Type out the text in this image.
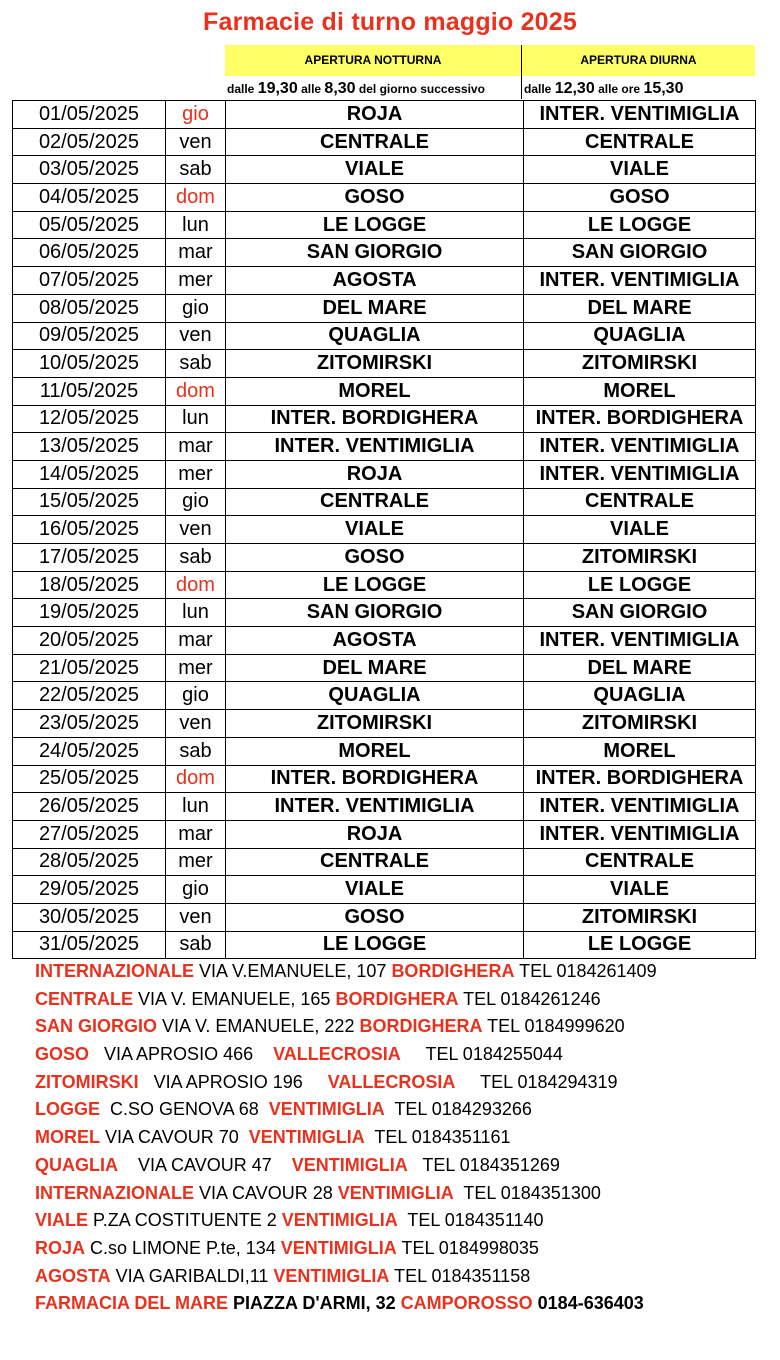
Farmacie di turno maggio 2025
APERTURA NOTTURNA
dalle 19,30 alle 8,30 del giorno successivo
APERTURA DIURNA
dalle 12,30 alle ore 15,30
01/05/2025	gio	ROJA	INTER. VENTIMIGLIA
02/05/2025	ven	CENTRALE	CENTRALE
03/05/2025	sab	VIALE	VIALE
04/05/2025	dom	GOSO	GOSO
05/05/2025	lun	LE LOGGE	LE LOGGE
06/05/2025	mar	SAN GIORGIO	SAN GIORGIO
07/05/2025	mer	AGOSTA	INTER. VENTIMIGLIA
08/05/2025	gio	DEL MARE	DEL MARE
09/05/2025	ven	QUAGLIA	QUAGLIA
10/05/2025	sab	ZITOMIRSKI	ZITOMIRSKI
11/05/2025	dom	MOREL	MOREL
12/05/2025	lun	INTER. BORDIGHERA	INTER. BORDIGHERA
13/05/2025	mar	INTER. VENTIMIGLIA	INTER. VENTIMIGLIA
14/05/2025	mer	ROJA	INTER. VENTIMIGLIA
15/05/2025	gio	CENTRALE	CENTRALE
16/05/2025	ven	VIALE	VIALE
17/05/2025	sab	GOSO	ZITOMIRSKI
18/05/2025	dom	LE LOGGE	LE LOGGE
19/05/2025	lun	SAN GIORGIO	SAN GIORGIO
20/05/2025	mar	AGOSTA	INTER. VENTIMIGLIA
21/05/2025	mer	DEL MARE	DEL MARE
22/05/2025	gio	QUAGLIA	QUAGLIA
23/05/2025	ven	ZITOMIRSKI	ZITOMIRSKI
24/05/2025	sab	MOREL	MOREL
25/05/2025	dom	INTER. BORDIGHERA	INTER. BORDIGHERA
26/05/2025	lun	INTER. VENTIMIGLIA	INTER. VENTIMIGLIA
27/05/2025	mar	ROJA	INTER. VENTIMIGLIA
28/05/2025	mer	CENTRALE	CENTRALE
29/05/2025	gio	VIALE	VIALE
30/05/2025	ven	GOSO	ZITOMIRSKI
31/05/2025	sab	LE LOGGE	LE LOGGE
INTERNAZIONALE VIA V.EMANUELE, 107 BORDIGHERA TEL 0184261409
CENTRALE VIA V. EMANUELE, 165 BORDIGHERA TEL 0184261246
SAN GIORGIO VIA V. EMANUELE, 222 BORDIGHERA TEL 0184999620
GOSO   VIA APROSIO 466    VALLECROSIA     TEL 0184255044
ZITOMIRSKI   VIA APROSIO 196     VALLECROSIA     TEL 0184294319
LOGGE  C.SO GENOVA 68  VENTIMIGLIA  TEL 0184293266
MOREL VIA CAVOUR 70  VENTIMIGLIA  TEL 0184351161
QUAGLIA    VIA CAVOUR 47    VENTIMIGLIA   TEL 0184351269
INTERNAZIONALE VIA CAVOUR 28 VENTIMIGLIA  TEL 0184351300
VIALE P.ZA COSTITUENTE 2 VENTIMIGLIA  TEL 0184351140
ROJA C.so LIMONE P.te, 134 VENTIMIGLIA TEL 0184998035
AGOSTA VIA GARIBALDI,11 VENTIMIGLIA TEL 0184351158
FARMACIA DEL MARE PIAZZA D'ARMI, 32 CAMPOROSSO 0184-636403
